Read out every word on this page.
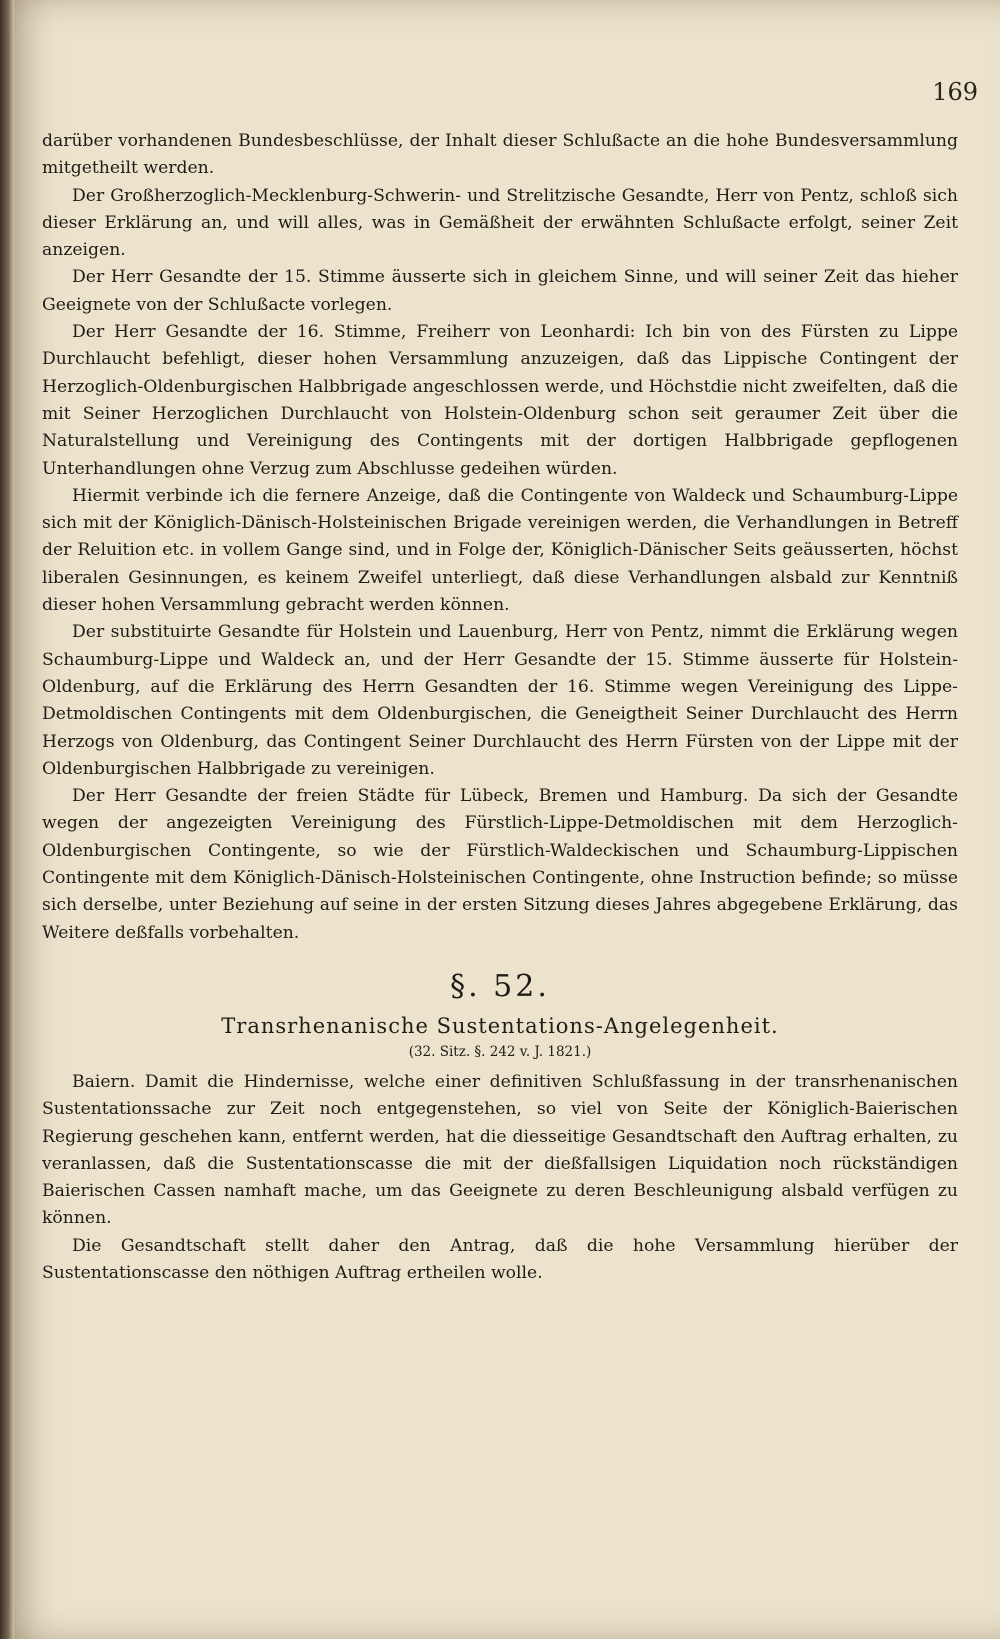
169

darüber vorhandenen Bundesbeschlüsse, der Inhalt dieser Schlußacte an die hohe Bundesversammlung mitgetheilt werden.

Der Großherzoglich-Mecklenburg-Schwerin- und Strelitzische Gesandte, Herr von Pentz, schloß sich dieser Erklärung an, und will alles, was in Gemäßheit der erwähnten Schlußacte erfolgt, seiner Zeit anzeigen.

Der Herr Gesandte der 15. Stimme äusserte sich in gleichem Sinne, und will seiner Zeit das hieher Geeignete von der Schlußacte vorlegen.

Der Herr Gesandte der 16. Stimme, Freiherr von Leonhardi: Ich bin von des Fürsten zu Lippe Durchlaucht befehligt, dieser hohen Versammlung anzuzeigen, daß das Lippische Contingent der Herzoglich-Oldenburgischen Halbbrigade angeschlossen werde, und Höchstdie nicht zweifelten, daß die mit Seiner Herzoglichen Durchlaucht von Holstein-Oldenburg schon seit geraumer Zeit über die Naturalstellung und Vereinigung des Contingents mit der dortigen Halbbrigade gepflogenen Unterhandlungen ohne Verzug zum Abschlusse gedeihen würden.

Hiermit verbinde ich die fernere Anzeige, daß die Contingente von Waldeck und Schaumburg-Lippe sich mit der Königlich-Dänisch-Holsteinischen Brigade vereinigen werden, die Verhandlungen in Betreff der Reluition etc. in vollem Gange sind, und in Folge der, Königlich-Dänischer Seits geäusserten, höchst liberalen Gesinnungen, es keinem Zweifel unterliegt, daß diese Verhandlungen alsbald zur Kenntniß dieser hohen Versammlung gebracht werden können.

Der substituirte Gesandte für Holstein und Lauenburg, Herr von Pentz, nimmt die Erklärung wegen Schaumburg-Lippe und Waldeck an, und der Herr Gesandte der 15. Stimme äusserte für Holstein-Oldenburg, auf die Erklärung des Herrn Gesandten der 16. Stimme wegen Vereinigung des Lippe-Detmoldischen Contingents mit dem Oldenburgischen, die Geneigtheit Seiner Durchlaucht des Herrn Herzogs von Oldenburg, das Contingent Seiner Durchlaucht des Herrn Fürsten von der Lippe mit der Oldenburgischen Halbbrigade zu vereinigen.

Der Herr Gesandte der freien Städte für Lübeck, Bremen und Hamburg. Da sich der Gesandte wegen der angezeigten Vereinigung des Fürstlich-Lippe-Detmoldischen mit dem Herzoglich-Oldenburgischen Contingente, so wie der Fürstlich-Waldeckischen und Schaumburg-Lippischen Contingente mit dem Königlich-Dänisch-Holsteinischen Contingente, ohne Instruction befinde; so müsse sich derselbe, unter Beziehung auf seine in der ersten Sitzung dieses Jahres abgegebene Erklärung, das Weitere deßfalls vorbehalten.

§. 52.
Transrhenanische Sustentations-Angelegenheit.
(32. Sitz. §. 242 v. J. 1821.)

Baiern. Damit die Hindernisse, welche einer definitiven Schlußfassung in der transrhenanischen Sustentationssache zur Zeit noch entgegenstehen, so viel von Seite der Königlich-Baierischen Regierung geschehen kann, entfernt werden, hat die diesseitige Gesandtschaft den Auftrag erhalten, zu veranlassen, daß die Sustentationscasse die mit der dießfallsigen Liquidation noch rückständigen Baierischen Cassen namhaft mache, um das Geeignete zu deren Beschleunigung alsbald verfügen zu können.

Die Gesandtschaft stellt daher den Antrag, daß die hohe Versammlung hierüber der Sustentationscasse den nöthigen Auftrag ertheilen wolle.
